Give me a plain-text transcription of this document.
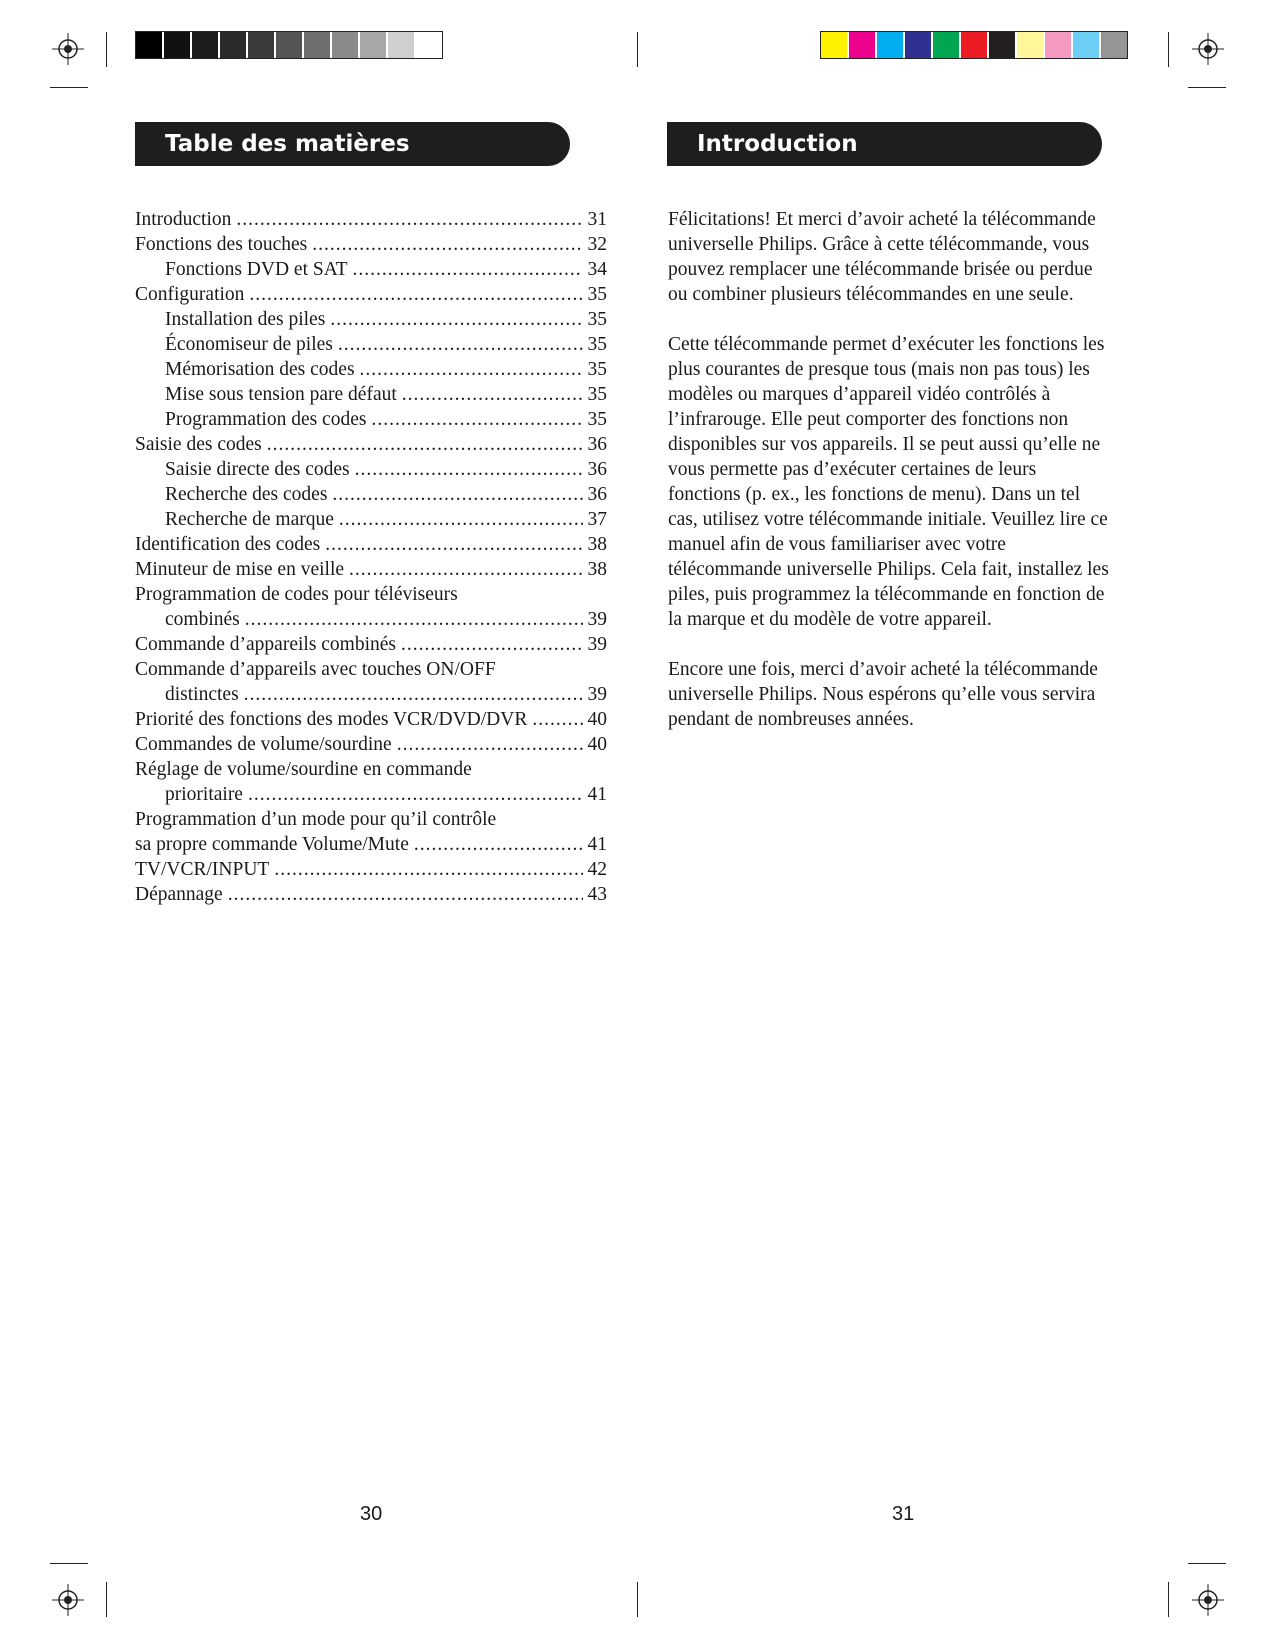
Table des matières	Introduction
Introduction .....	31
Fonctions des touches .....	32
Fonctions DVD et SAT .....	34
Configuration .....	35
Installation des piles .....	35
Économiseur de piles .....	35
Mémorisation des codes .....	35
Mise sous tension pare défaut .....	35
Programmation des codes .....	35
Saisie des codes .....	36
Saisie directe des codes .....	36
Recherche des codes .....	36
Recherche de marque .....	37
Identification des codes .....	38
Minuteur de mise en veille .....	38
Programmation de codes pour téléviseurs
combinés .....	39
Commande d’appareils combinés .....	39
Commande d’appareils avec touches ON/OFF
distinctes .....	39
Priorité des fonctions des modes VCR/DVD/DVR .....	40
Commandes de volume/sourdine .....	40
Réglage de volume/sourdine en commande
prioritaire .....	41
Programmation d’un mode pour qu’il contrôle
sa propre commande Volume/Mute .....	41
TV/VCR/INPUT .....	42
Dépannage .....	43

Félicitations! Et merci d’avoir acheté la télécommande
universelle Philips. Grâce à cette télécommande, vous
pouvez remplacer une télécommande brisée ou perdue
ou combiner plusieurs télécommandes en une seule.

Cette télécommande permet d’exécuter les fonctions les
plus courantes de presque tous (mais non pas tous) les
modèles ou marques d’appareil vidéo contrôlés à
l’infrarouge. Elle peut comporter des fonctions non
disponibles sur vos appareils. Il se peut aussi qu’elle ne
vous permette pas d’exécuter certaines de leurs
fonctions (p. ex., les fonctions de menu). Dans un tel
cas, utilisez votre télécommande initiale. Veuillez lire ce
manuel afin de vous familiariser avec votre
télécommande universelle Philips. Cela fait, installez les
piles, puis programmez la télécommande en fonction de
la marque et du modèle de votre appareil.

Encore une fois, merci d’avoir acheté la télécommande
universelle Philips. Nous espérons qu’elle vous servira
pendant de nombreuses années.

30	31
